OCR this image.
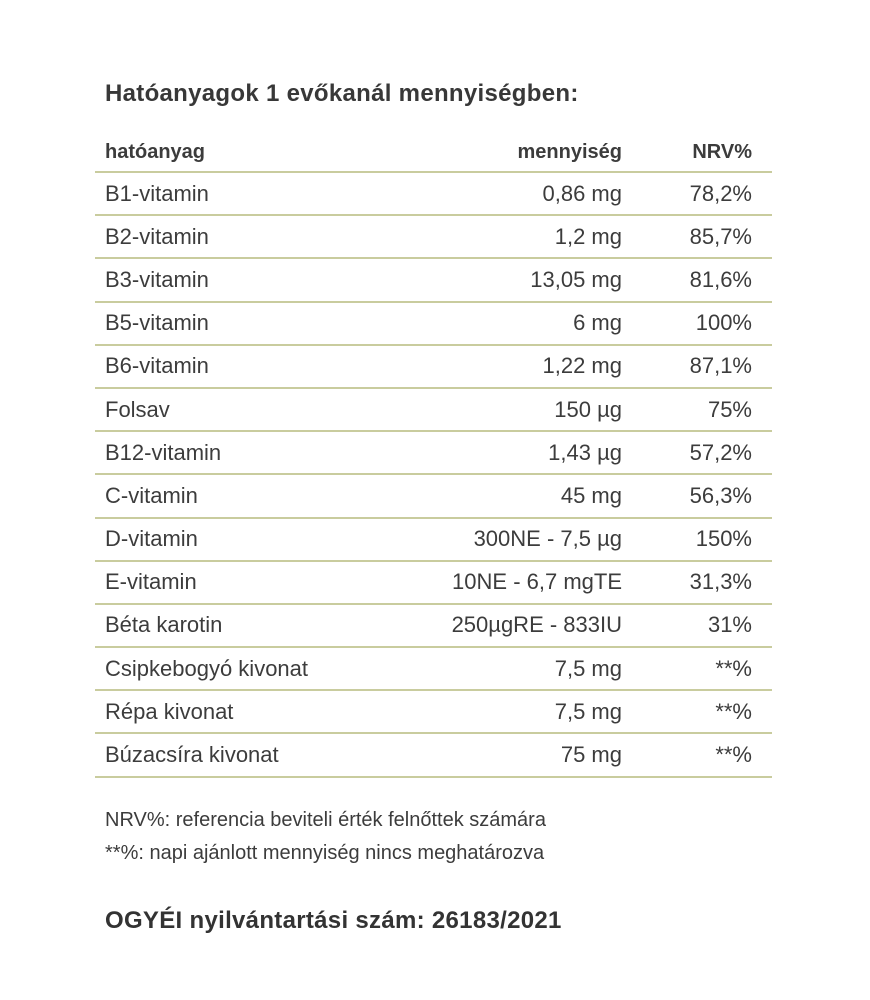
Hatóanyagok 1 evőkanál mennyiségben:
hatóanyag	mennyiség	NRV%
B1-vitamin	0,86 mg	78,2%
B2-vitamin	1,2 mg	85,7%
B3-vitamin	13,05 mg	81,6%
B5-vitamin	6 mg	100%
B6-vitamin	1,22 mg	87,1%
Folsav	150 µg	75%
B12-vitamin	1,43 µg	57,2%
C-vitamin	45 mg	56,3%
D-vitamin	300NE - 7,5 µg	150%
E-vitamin	10NE - 6,7 mgTE	31,3%
Béta karotin	250µgRE - 833IU	31%
Csipkebogyó kivonat	7,5 mg	**%
Répa kivonat	7,5 mg	**%
Búzacsíra kivonat	75 mg	**%

NRV%: referencia beviteli érték felnőttek számára

**%: napi ajánlott mennyiség nincs meghatározva

OGYÉI nyilvántartási szám: 26183/2021
